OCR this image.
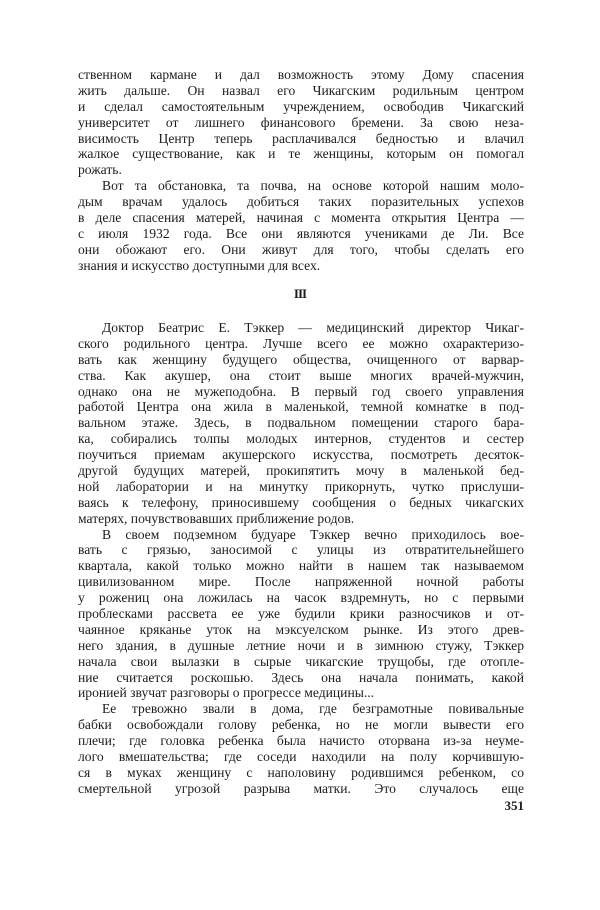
ственном кармане и дал возможность этому Дому спасения
жить дальше. Он назвал его Чикагским родильным центром
и сделал самостоятельным учреждением, освободив Чикагский
университет от лишнего финансового бремени. За свою неза-
висимость Центр теперь расплачивался бедностью и влачил
жалкое существование, как и те женщины, которым он помогал
рожать.
Вот та обстановка, та почва, на основе которой нашим моло-
дым врачам удалось добиться таких поразительных успехов
в деле спасения матерей, начиная с момента открытия Центра —
с июля 1932 года. Все они являются учениками де Ли. Все
они обожают его. Они живут для того, чтобы сделать его
знания и искусство доступными для всех.
III
Доктор Беатрис Е. Тэккер — медицинский директор Чикаг-
ского родильного центра. Лучше всего ее можно охарактеризо-
вать как женщину будущего общества, очищенного от варвар-
ства. Как акушер, она стоит выше многих врачей-мужчин,
однако она не мужеподобна. В первый год своего управления
работой Центра она жила в маленькой, темной комнатке в под-
вальном этаже. Здесь, в подвальном помещении старого бара-
ка, собирались толпы молодых интернов, студентов и сестер
поучиться приемам акушерского искусства, посмотреть десяток-
другой будущих матерей, прокипятить мочу в маленькой бед-
ной лаборатории и на минутку прикорнуть, чутко прислуши-
ваясь к телефону, приносившему сообщения о бедных чикагских
матерях, почувствовавших приближение родов.
В своем подземном будуаре Тэккер вечно приходилось вое-
вать с грязью, заносимой с улицы из отвратительнейшего
квартала, какой только можно найти в нашем так называемом
цивилизованном мире. После напряженной ночной работы
у рожениц она ложилась на часок вздремнуть, но с первыми
проблесками рассвета ее уже будили крики разносчиков и от-
чаянное кряканье уток на мэксуелском рынке. Из этого древ-
него здания, в душные летние ночи и в зимнюю стужу, Тэккер
начала свои вылазки в сырые чикагские трущобы, где отопле-
ние считается роскошью. Здесь она начала понимать, какой
иронией звучат разговоры о прогрессе медицины...
Ее тревожно звали в дома, где безграмотные повивальные
бабки освобождали голову ребенка, но не могли вывести его
плечи; где головка ребенка была начисто оторвана из-за неуме-
лого вмешательства; где соседи находили на полу корчившую-
ся в муках женщину с наполовину родившимся ребенком, со
смертельной угрозой разрыва матки. Это случалось еще
351
